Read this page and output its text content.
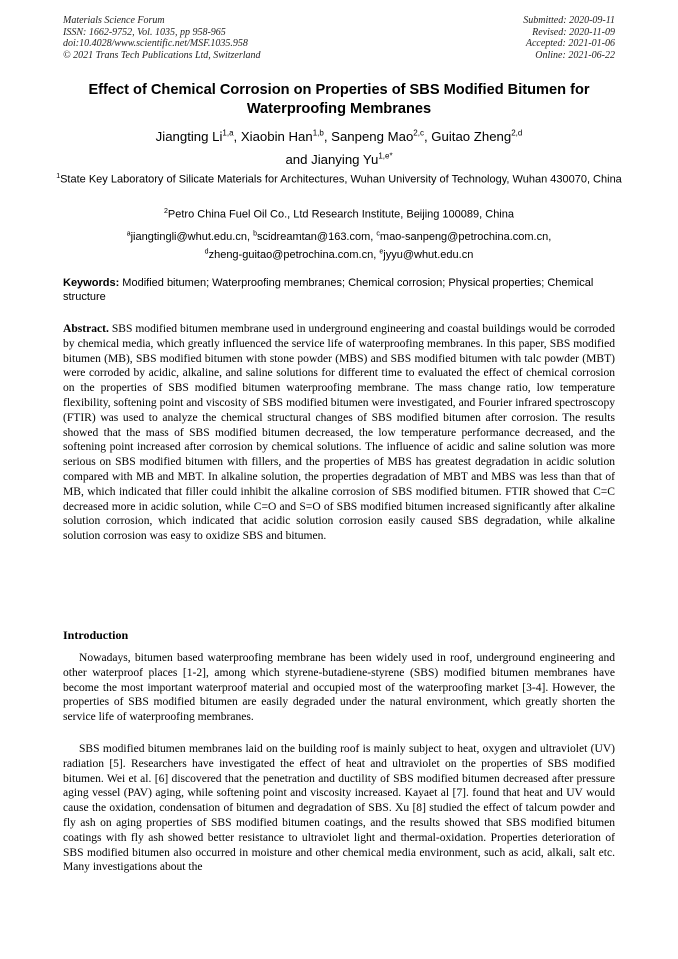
Materials Science Forum
ISSN: 1662-9752, Vol. 1035, pp 958-965
doi:10.4028/www.scientific.net/MSF.1035.958
© 2021 Trans Tech Publications Ltd, Switzerland
Submitted: 2020-09-11
Revised: 2020-11-09
Accepted: 2021-01-06
Online: 2021-06-22
Effect of Chemical Corrosion on Properties of SBS Modified Bitumen for Waterproofing Membranes
Jiangting Li$^{1,a}$, Xiaobin Han$^{1,b}$, Sanpeng Mao$^{2,c}$, Guitao Zheng$^{2,d}$
and Jianying $Yu^{1,e*}$
$^1$State Key Laboratory of Silicate Materials for Architectures, Wuhan University of Technology, Wuhan 430070, China
$^2$Petro China Fuel Oil Co., Ltd Research Institute, Beijing 100089, China
$^a$jiangtingli@whut.edu.cn, $^b$scidreamtan@163.com, $^c$mao-sanpeng@petrochina.com.cn,
$^d$zheng-guitao@petrochina.com.cn, $^e$jyyu@whut.edu.cn
Keywords: Modified bitumen; Waterproofing membranes; Chemical corrosion; Physical properties; Chemical structure
Abstract. SBS modified bitumen membrane used in underground engineering and coastal buildings would be corroded by chemical media, which greatly influenced the service life of waterproofing membranes. In this paper, SBS modified bitumen (MB), SBS modified bitumen with stone powder (MBS) and SBS modified bitumen with talc powder (MBT) were corroded by acidic, alkaline, and saline solutions for different time to evaluated the effect of chemical corrosion on the properties of SBS modified bitumen waterproofing membrane. The mass change ratio, low temperature flexibility, softening point and viscosity of SBS modified bitumen were investigated, and Fourier infrared spectroscopy (FTIR) was used to analyze the chemical structural changes of SBS modified bitumen after corrosion. The results showed that the mass of SBS modified bitumen decreased, the low temperature performance decreased, and the softening point increased after corrosion by chemical solutions. The influence of acidic and saline solution was more serious on SBS modified bitumen with fillers, and the properties of MBS has greatest degradation in acidic solution compared with MB and MBT. In alkaline solution, the properties degradation of MBT and MBS was less than that of MB, which indicated that filler could inhibit the alkaline corrosion of SBS modified bitumen. FTIR showed that C=C decreased more in acidic solution, while C=O and S=O of SBS modified bitumen increased significantly after alkaline solution corrosion, which indicated that acidic solution corrosion easily caused SBS degradation, while alkaline solution corrosion was easy to oxidize SBS and bitumen.
Introduction
Nowadays, bitumen based waterproofing membrane has been widely used in roof, underground engineering and other waterproof places [1-2], among which styrene-butadiene-styrene (SBS) modified bitumen membranes have become the most important waterproof material and occupied most of the waterproofing market [3-4]. However, the properties of SBS modified bitumen are easily degraded under the natural environment, which greatly shorten the service life of waterproofing membranes.
SBS modified bitumen membranes laid on the building roof is mainly subject to heat, oxygen and ultraviolet (UV) radiation [5]. Researchers have investigated the effect of heat and ultraviolet on the properties of SBS modified bitumen. Wei et al. [6] discovered that the penetration and ductility of SBS modified bitumen decreased after pressure aging vessel (PAV) aging, while softening point and viscosity increased. Kayaet al [7]. found that heat and UV would cause the oxidation, condensation of bitumen and degradation of SBS. Xu [8] studied the effect of talcum powder and fly ash on aging properties of SBS modified bitumen coatings, and the results showed that SBS modified bitumen coatings with fly ash showed better resistance to ultraviolet light and thermal-oxidation. Properties deterioration of SBS modified bitumen also occurred in moisture and other chemical media environment, such as acid, alkali, salt etc. Many investigations about the
